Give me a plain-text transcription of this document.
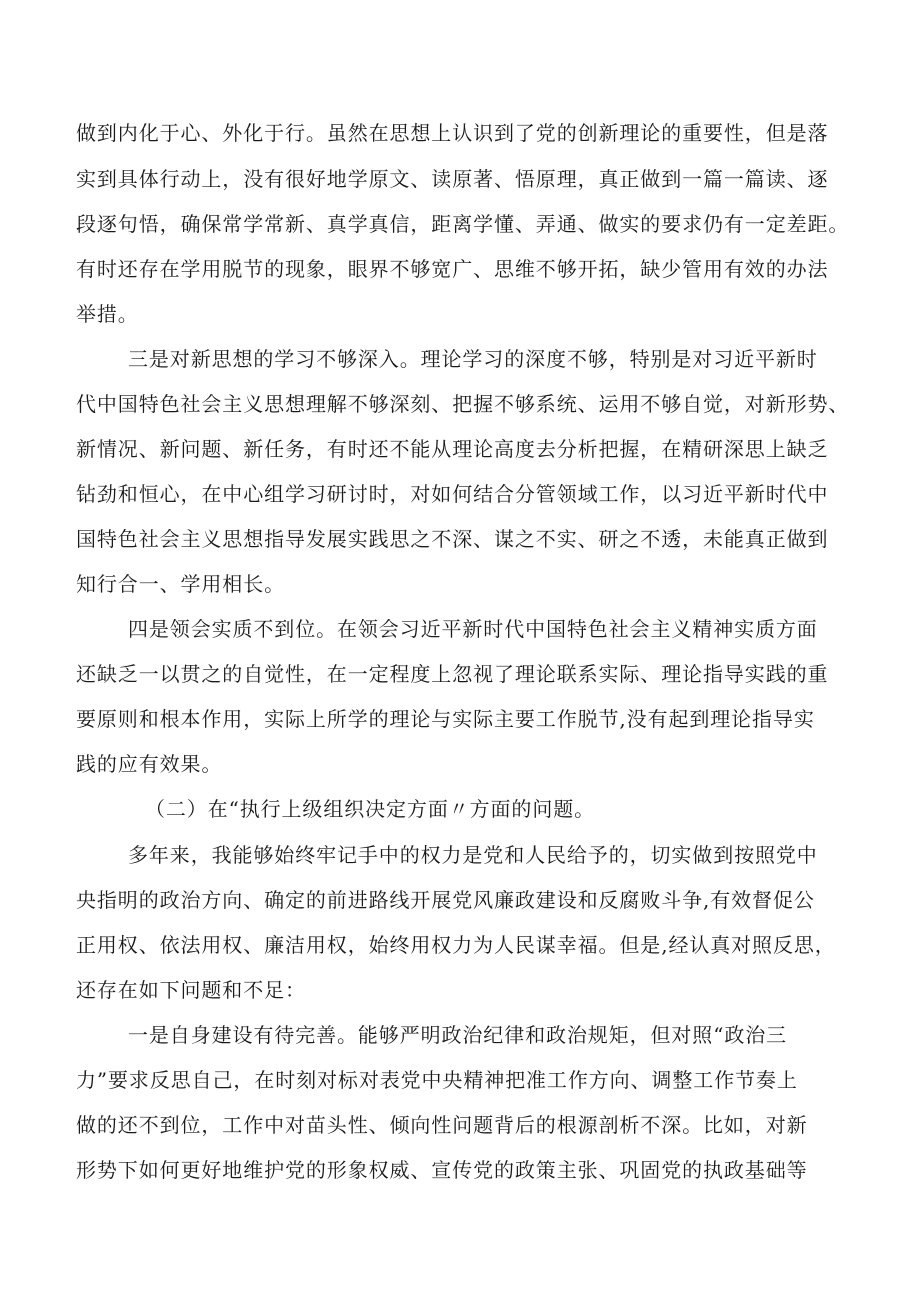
做到内化于心、外化于行。虽然在思想上认识到了党的创新理论的重要性，但是落
实到具体行动上，没有很好地学原文、读原著、悟原理，真正做到一篇一篇读、逐
段逐句悟，确保常学常新、真学真信，距离学懂、弄通、做实的要求仍有一定差距。
有时还存在学用脱节的现象，眼界不够宽广、思维不够开拓，缺少管用有效的办法
举措。
三是对新思想的学习不够深入。理论学习的深度不够，特别是对习近平新时
代中国特色社会主义思想理解不够深刻、把握不够系统、运用不够自觉，对新形势、
新情况、新问题、新任务，有时还不能从理论高度去分析把握，在精研深思上缺乏
钻劲和恒心，在中心组学习研讨时，对如何结合分管领域工作，以习近平新时代中
国特色社会主义思想指导发展实践思之不深、谋之不实、研之不透，未能真正做到
知行合一、学用相长。
四是领会实质不到位。在领会习近平新时代中国特色社会主义精神实质方面
还缺乏一以贯之的自觉性，在一定程度上忽视了理论联系实际、理论指导实践的重
要原则和根本作用，实际上所学的理论与实际主要工作脱节,没有起到理论指导实
践的应有效果。
（二）在“执行上级组织决定方面〃方面的问题。
多年来，我能够始终牢记手中的权力是党和人民给予的，切实做到按照党中
央指明的政治方向、确定的前进路线开展党风廉政建设和反腐败斗争,有效督促公
正用权、依法用权、廉洁用权，始终用权力为人民谋幸福。但是,经认真对照反思，
还存在如下问题和不足：
一是自身建设有待完善。能够严明政治纪律和政治规矩，但对照“政治三
力”要求反思自己，在时刻对标对表党中央精神把准工作方向、调整工作节奏上
做的还不到位，工作中对苗头性、倾向性问题背后的根源剖析不深。比如，对新
形势下如何更好地维护党的形象权威、宣传党的政策主张、巩固党的执政基础等
